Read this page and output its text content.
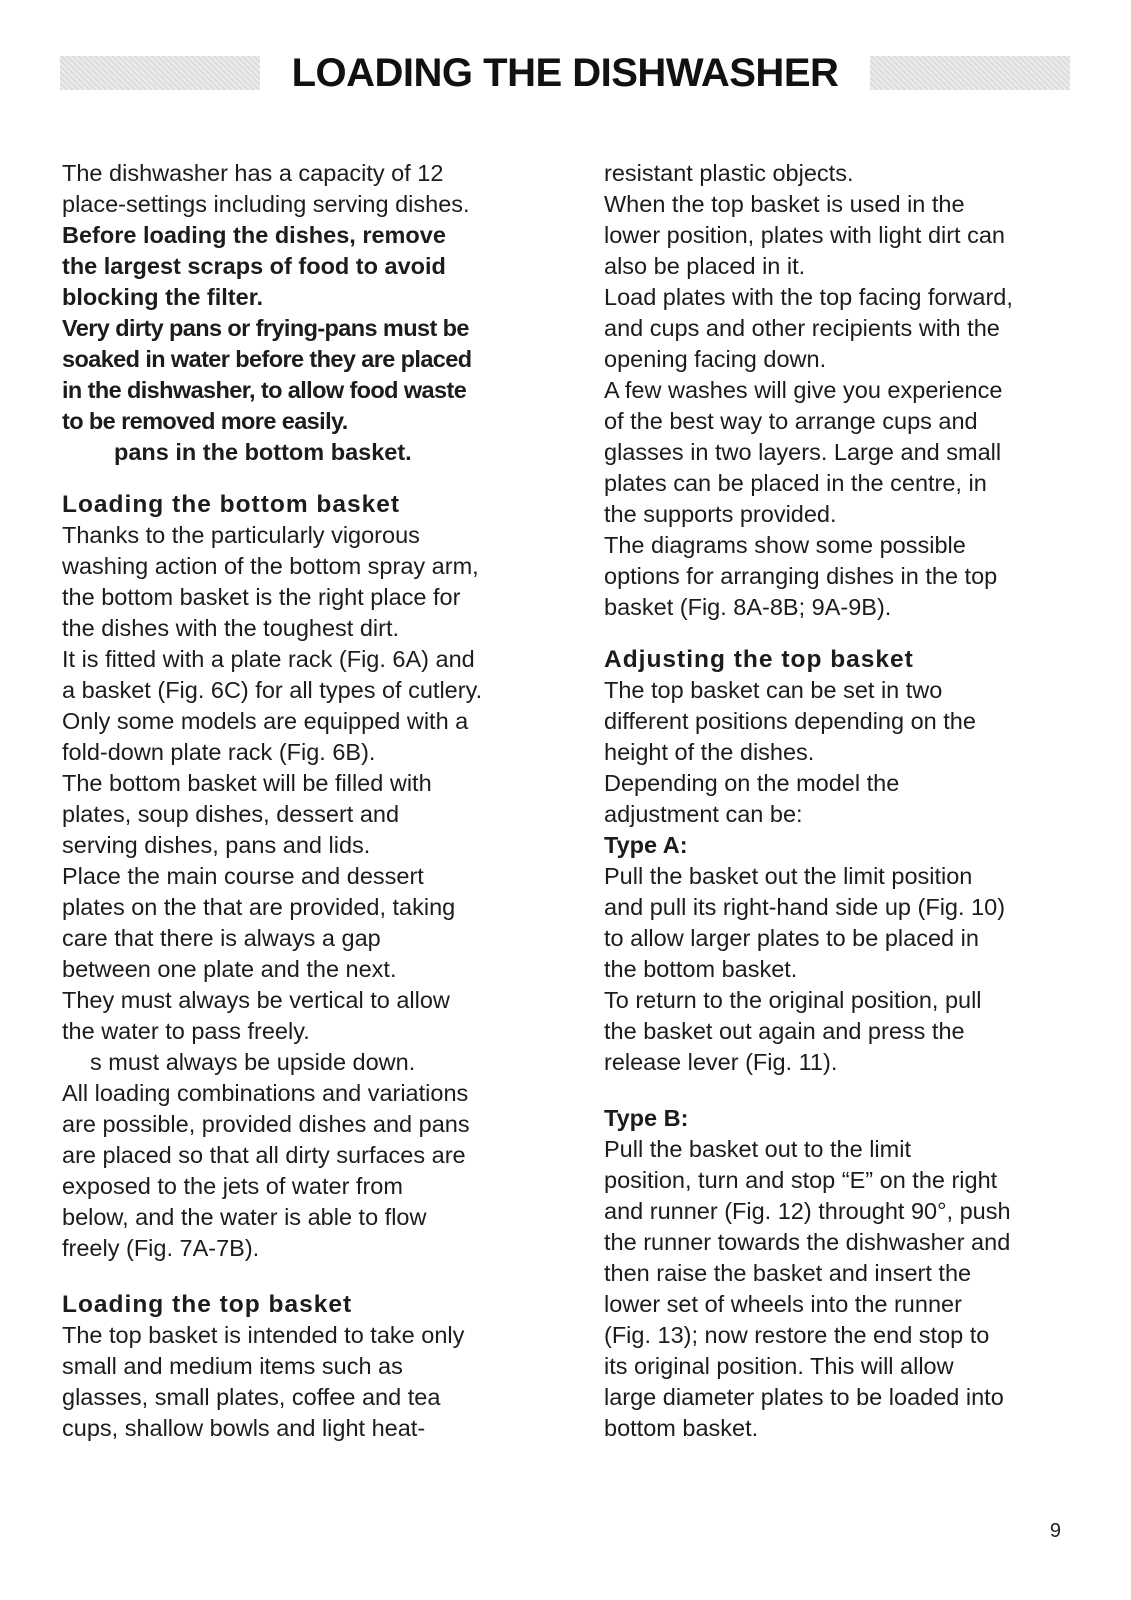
LOADING THE DISHWASHER

The dishwasher has a capacity of 12

place-settings including serving dishes.

Before loading the dishes, remove

the largest scraps of food to avoid

blocking the filter.

Very dirty pans or frying-pans must be

soaked in water before they are placed

in the dishwasher, to allow food waste

to be removed more easily.

pans in the bottom basket.

Loading the bottom basket

Thanks to the particularly vigorous

washing action of the bottom spray arm,

the bottom basket is the right place for

the dishes with the toughest dirt.

It is fitted with a plate rack (Fig. 6A) and

a basket (Fig. 6C) for all types of cutlery.

Only some models are equipped with a

fold-down plate rack (Fig. 6B).

The bottom basket will be filled with

plates, soup dishes, dessert and

serving dishes, pans and lids.

Place the main course and dessert

plates on the that are provided, taking

care that there is always a gap

between one plate and the next.

They must always be vertical to allow

the water to pass freely.

s must always be upside down.

All loading combinations and variations

are possible, provided dishes and pans

are placed so that all dirty surfaces are

exposed to the jets of water from

below, and the water is able to flow

freely (Fig. 7A-7B).

Loading the top basket

The top basket is intended to take only

small and medium items such as

glasses, small plates, coffee and tea

cups, shallow bowls and light heat-

resistant plastic objects.

When the top basket is used in the

lower position, plates with light dirt can

also be placed in it.

Load plates with the top facing forward,

and cups and other recipients with the

opening facing down.

A few washes will give you experience

of the best way to arrange cups and

glasses in two layers. Large and small

plates can be placed in the centre, in

the supports provided.

The diagrams show some possible

options for arranging dishes in the top

basket (Fig. 8A-8B; 9A-9B).

Adjusting the top basket

The top basket can be set in two

different positions depending on the

height of the dishes.

Depending on the model the

adjustment can be:

Type A:

Pull the basket out the limit position

and pull its right-hand side up (Fig. 10)

to allow larger plates to be placed in

the bottom basket.

To return to the original position, pull

the basket out again and press the

release lever (Fig. 11).

Type B:

Pull the basket out to the limit

position, turn and stop “E” on the right

and runner (Fig. 12) throught 90°, push

the runner towards the dishwasher and

then raise the basket and insert the

lower set of wheels into the runner

(Fig. 13); now restore the end stop to

its original position. This will allow

large diameter plates to be loaded into

bottom basket.

9
